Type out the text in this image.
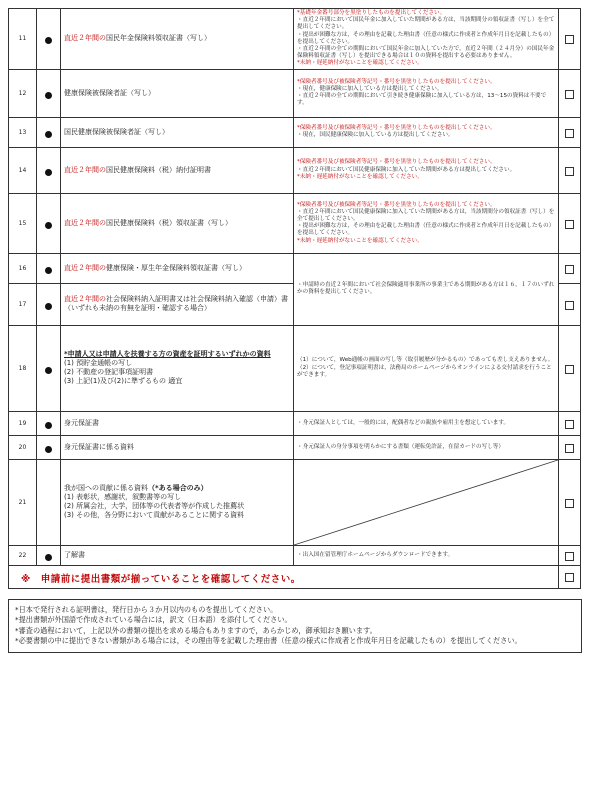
11		直近２年間の国民年金保険料領収証書（写し）	*基礎年金番号部分を黒塗りしたものを提出してください。
・直近２年間において国民年金に加入していた期間がある方は，当該期間分の領収証書（写し）を全て提出してください。
・提出が困難な方は，その理由を記載した理由書（任意の様式に作成者と作成年月日を記載したもの）を提出してください。
・直近２年間の全ての期間において国民年金に加入していた方で，直近２年間（２４月分）の国民年金保険料領収証書（写し）を提出できる場合は１０の資料を提出する必要はありません。
*未納・遅延納付がないことを確認してください。	

12		健康保険被保険者証（写し）	*保険者番号及び被保険者等記号・番号を黒塗りしたものを提出してください。
・現在，健康保険に加入している方は提出してください。
・直近２年間の全ての期間において引き続き健康保険に加入している方は，13～15の資料は不要です。	

13		国民健康保険被保険者証（写し）	*保険者番号及び被保険者等記号・番号を黒塗りしたものを提出してください。
・現在，国民健康保険に加入している方は提出してください。	

14		直近２年間の国民健康保険料（税）納付証明書	*保険者番号及び被保険者等記号・番号を黒塗りしたものを提出してください。
・直近２年間において国民健康保険に加入していた期間がある方は提出してください。
*未納・遅延納付がないことを確認してください。	

15		直近２年間の国民健康保険料（税）領収証書（写し）	*保険者番号及び被保険者等記号・番号を黒塗りしたものを提出してください。
・直近２年間において国民健康保険に加入していた期間がある方は，当該期間分の領収証書（写し）を全て提出してください。
・提出が困難な方は，その理由を記載した理由書（任意の様式に作成者と作成年月日を記載したもの）を提出してください。
*未納・遅延納付がないことを確認してください。	

16		直近２年間の健康保険・厚生年金保険料領収証書（写し）	・申請時の直近２年間において社会保険適用事業所の事業主である期間がある方は１６，１７のいずれかの資料を提出してください。	

17		直近２年間の社会保険料納入証明書又は社会保険料納入確認（申請）書（いずれも未納の有無を証明・確認する場合）		
18		*申請人又は申請人を扶養する方の資産を証明するいずれかの資料
(1) 預貯金通帳の写し
(2) 不動産の登記事項証明書
(3) 上記(1)及び(2)に準ずるもの 適宜	（1）について，Web通帳の画面の写し等（取引履歴が分かるもの）であっても差し支えありません。
（2）について，登記事項証明書は，法務局のホームページからオンラインによる交付請求を行うことができます。	

19		身元保証書	・身元保証人としては，一般的には，配偶者などの親族や雇用主を想定しています。	

20		身元保証書に係る資料	・身元保証人の身分事項を明らかにする書類（運転免許証，在留カードの写し等）	

21		我が国への貢献に係る資料（*ある場合のみ）
(1) 表彰状，感謝状，叙勲書等の写し
(2) 所属会社，大学，団体等の代表者等が作成した推薦状
(3) その他，各分野において貢献があることに関する資料

22		了解書	・出入国在留管理庁ホームページからダウンロードできます。	

※　申請前に提出書類が揃っていることを確認してください。				
*日本で発行される証明書は，発行日から３か月以内のものを提出してください。
*提出書類が外国語で作成されている場合には，訳文（日本語）を添付してください。
*審査の過程において，上記以外の書類の提出を求める場合もありますので，あらかじめ，御承知おき願います。
*必要書類の中に提出できない書類がある場合には，その理由等を記載した理由書（任意の様式に作成者と作成年月日を記載したもの）を提出してください。
